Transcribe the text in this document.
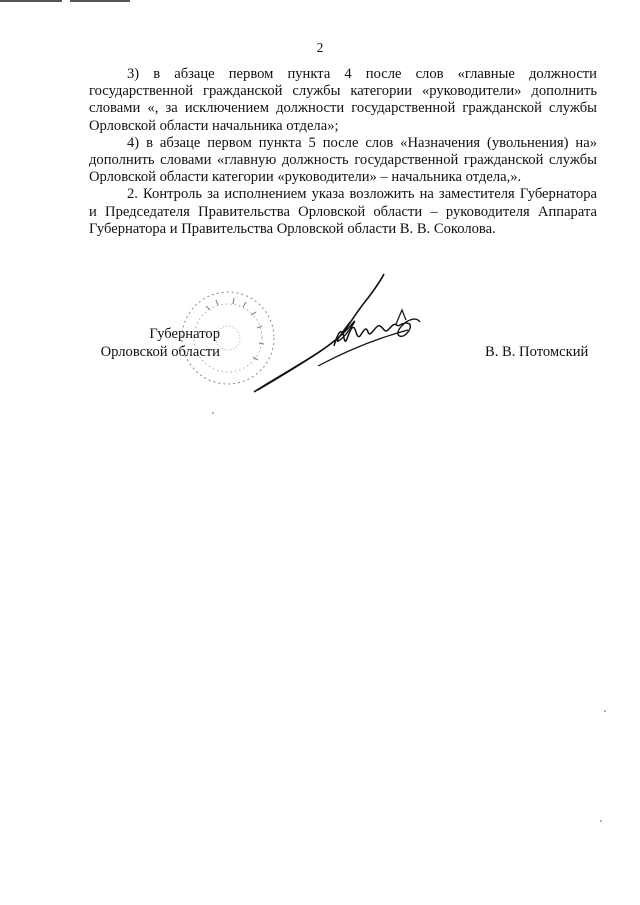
2

3) в абзаце первом пункта 4 после слов «главные должности государственной гражданской службы категории «руководители» дополнить словами «, за исключением должности государственной гражданской службы Орловской области начальника отдела»;

4) в абзаце первом пункта 5 после слов «Назначения (увольнения) на» дополнить словами «главную должность государственной гражданской службы Орловской области категории «руководители» – начальника отдела,».

2. Контроль за исполнением указа возложить на заместителя Губернатора и Председателя Правительства Орловской области – руководителя Аппарата Губернатора и Правительства Орловской области В. В. Соколова.

Губернатор
Орловской области	В. В. Потомский
